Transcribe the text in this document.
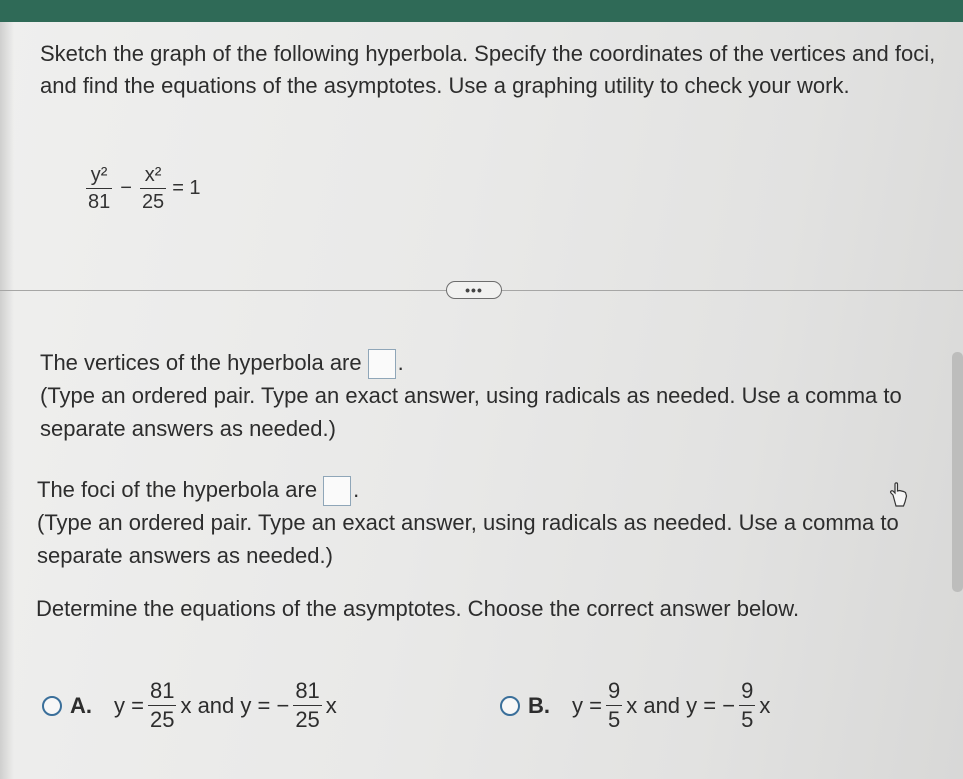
Sketch the graph of the following hyperbola. Specify the coordinates of the vertices and foci, and find the equations of the asymptotes. Use a graphing utility to check your work.
$\frac{\text{y²}}{81} - \frac{\text{x²}}{25} = 1$
•••
The vertices of the hyperbola are .
(Type an ordered pair. Type an exact answer, using radicals as needed. Use a comma to separate answers as needed.)
The foci of the hyperbola are .
(Type an ordered pair. Type an exact answer, using radicals as needed. Use a comma to separate answers as needed.)
Determine the equations of the asymptotes. Choose the correct answer below.
A. $y = \frac{81}{25}$ x and y = − $\frac{81}{25}$ x	B. $y = \frac{9}{5}$ x and y = − $\frac{9}{5}$ x
